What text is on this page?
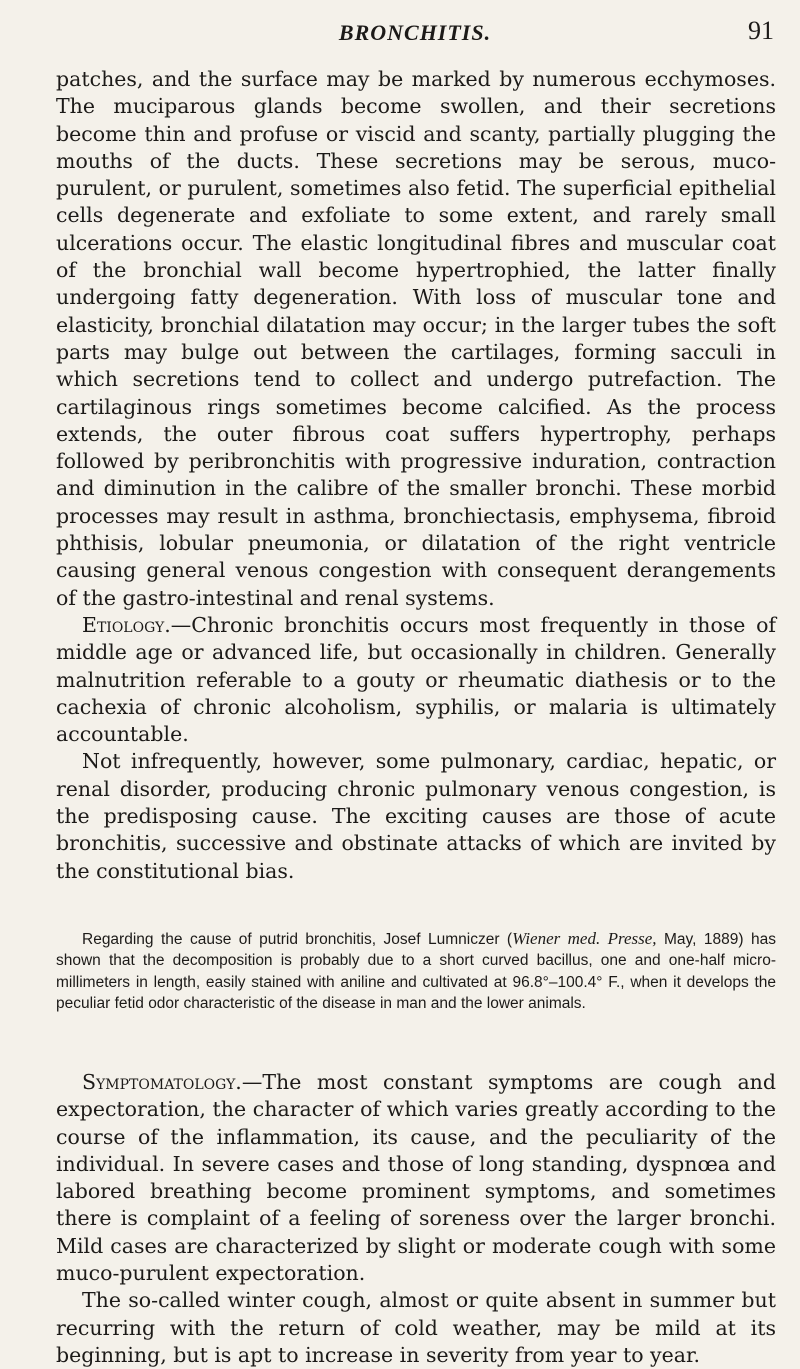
BRONCHITIS.	91

patches, and the surface may be marked by numerous ecchymoses. The muciparous glands become swollen, and their secretions become thin and profuse or viscid and scanty, partially plugging the mouths of the ducts. These secretions may be serous, muco-purulent, or purulent, sometimes also fetid. The superficial epithelial cells degenerate and exfoliate to some extent, and rarely small ulcerations occur. The elastic longitudinal fibres and muscular coat of the bronchial wall become hypertrophied, the latter finally undergoing fatty degeneration. With loss of muscular tone and elasticity, bronchial dilatation may occur; in the larger tubes the soft parts may bulge out between the cartilages, forming sacculi in which secretions tend to collect and undergo putrefaction. The cartilaginous rings sometimes become calcified. As the process extends, the outer fibrous coat suffers hypertrophy, perhaps followed by peribronchitis with progressive induration, contraction and diminution in the calibre of the smaller bronchi. These morbid processes may result in asthma, bronchiectasis, emphysema, fibroid phthisis, lobular pneumonia, or dilatation of the right ventricle causing general venous congestion with consequent derangements of the gastro-intestinal and renal systems.

Etiology.—Chronic bronchitis occurs most frequently in those of middle age or advanced life, but occasionally in children. Generally malnutrition referable to a gouty or rheumatic diathesis or to the cachexia of chronic alcoholism, syphilis, or malaria is ultimately accountable.

Not infrequently, however, some pulmonary, cardiac, hepatic, or renal disorder, producing chronic pulmonary venous congestion, is the predisposing cause. The exciting causes are those of acute bronchitis, successive and obstinate attacks of which are invited by the constitutional bias.

Regarding the cause of putrid bronchitis, Josef Lumniczer (Wiener med. Presse, May, 1889) has shown that the decomposition is probably due to a short curved bacillus, one and one-half micro-millimeters in length, easily stained with aniline and cultivated at 96.8°–100.4° F., when it develops the peculiar fetid odor characteristic of the disease in man and the lower animals.

Symptomatology.—The most constant symptoms are cough and expectoration, the character of which varies greatly according to the course of the inflammation, its cause, and the peculiarity of the individual. In severe cases and those of long standing, dyspnœa and labored breathing become prominent symptoms, and sometimes there is complaint of a feeling of soreness over the larger bronchi. Mild cases are characterized by slight or moderate cough with some muco-purulent expectoration.

The so-called winter cough, almost or quite absent in summer but recurring with the return of cold weather, may be mild at its beginning, but is apt to increase in severity from year to year.
